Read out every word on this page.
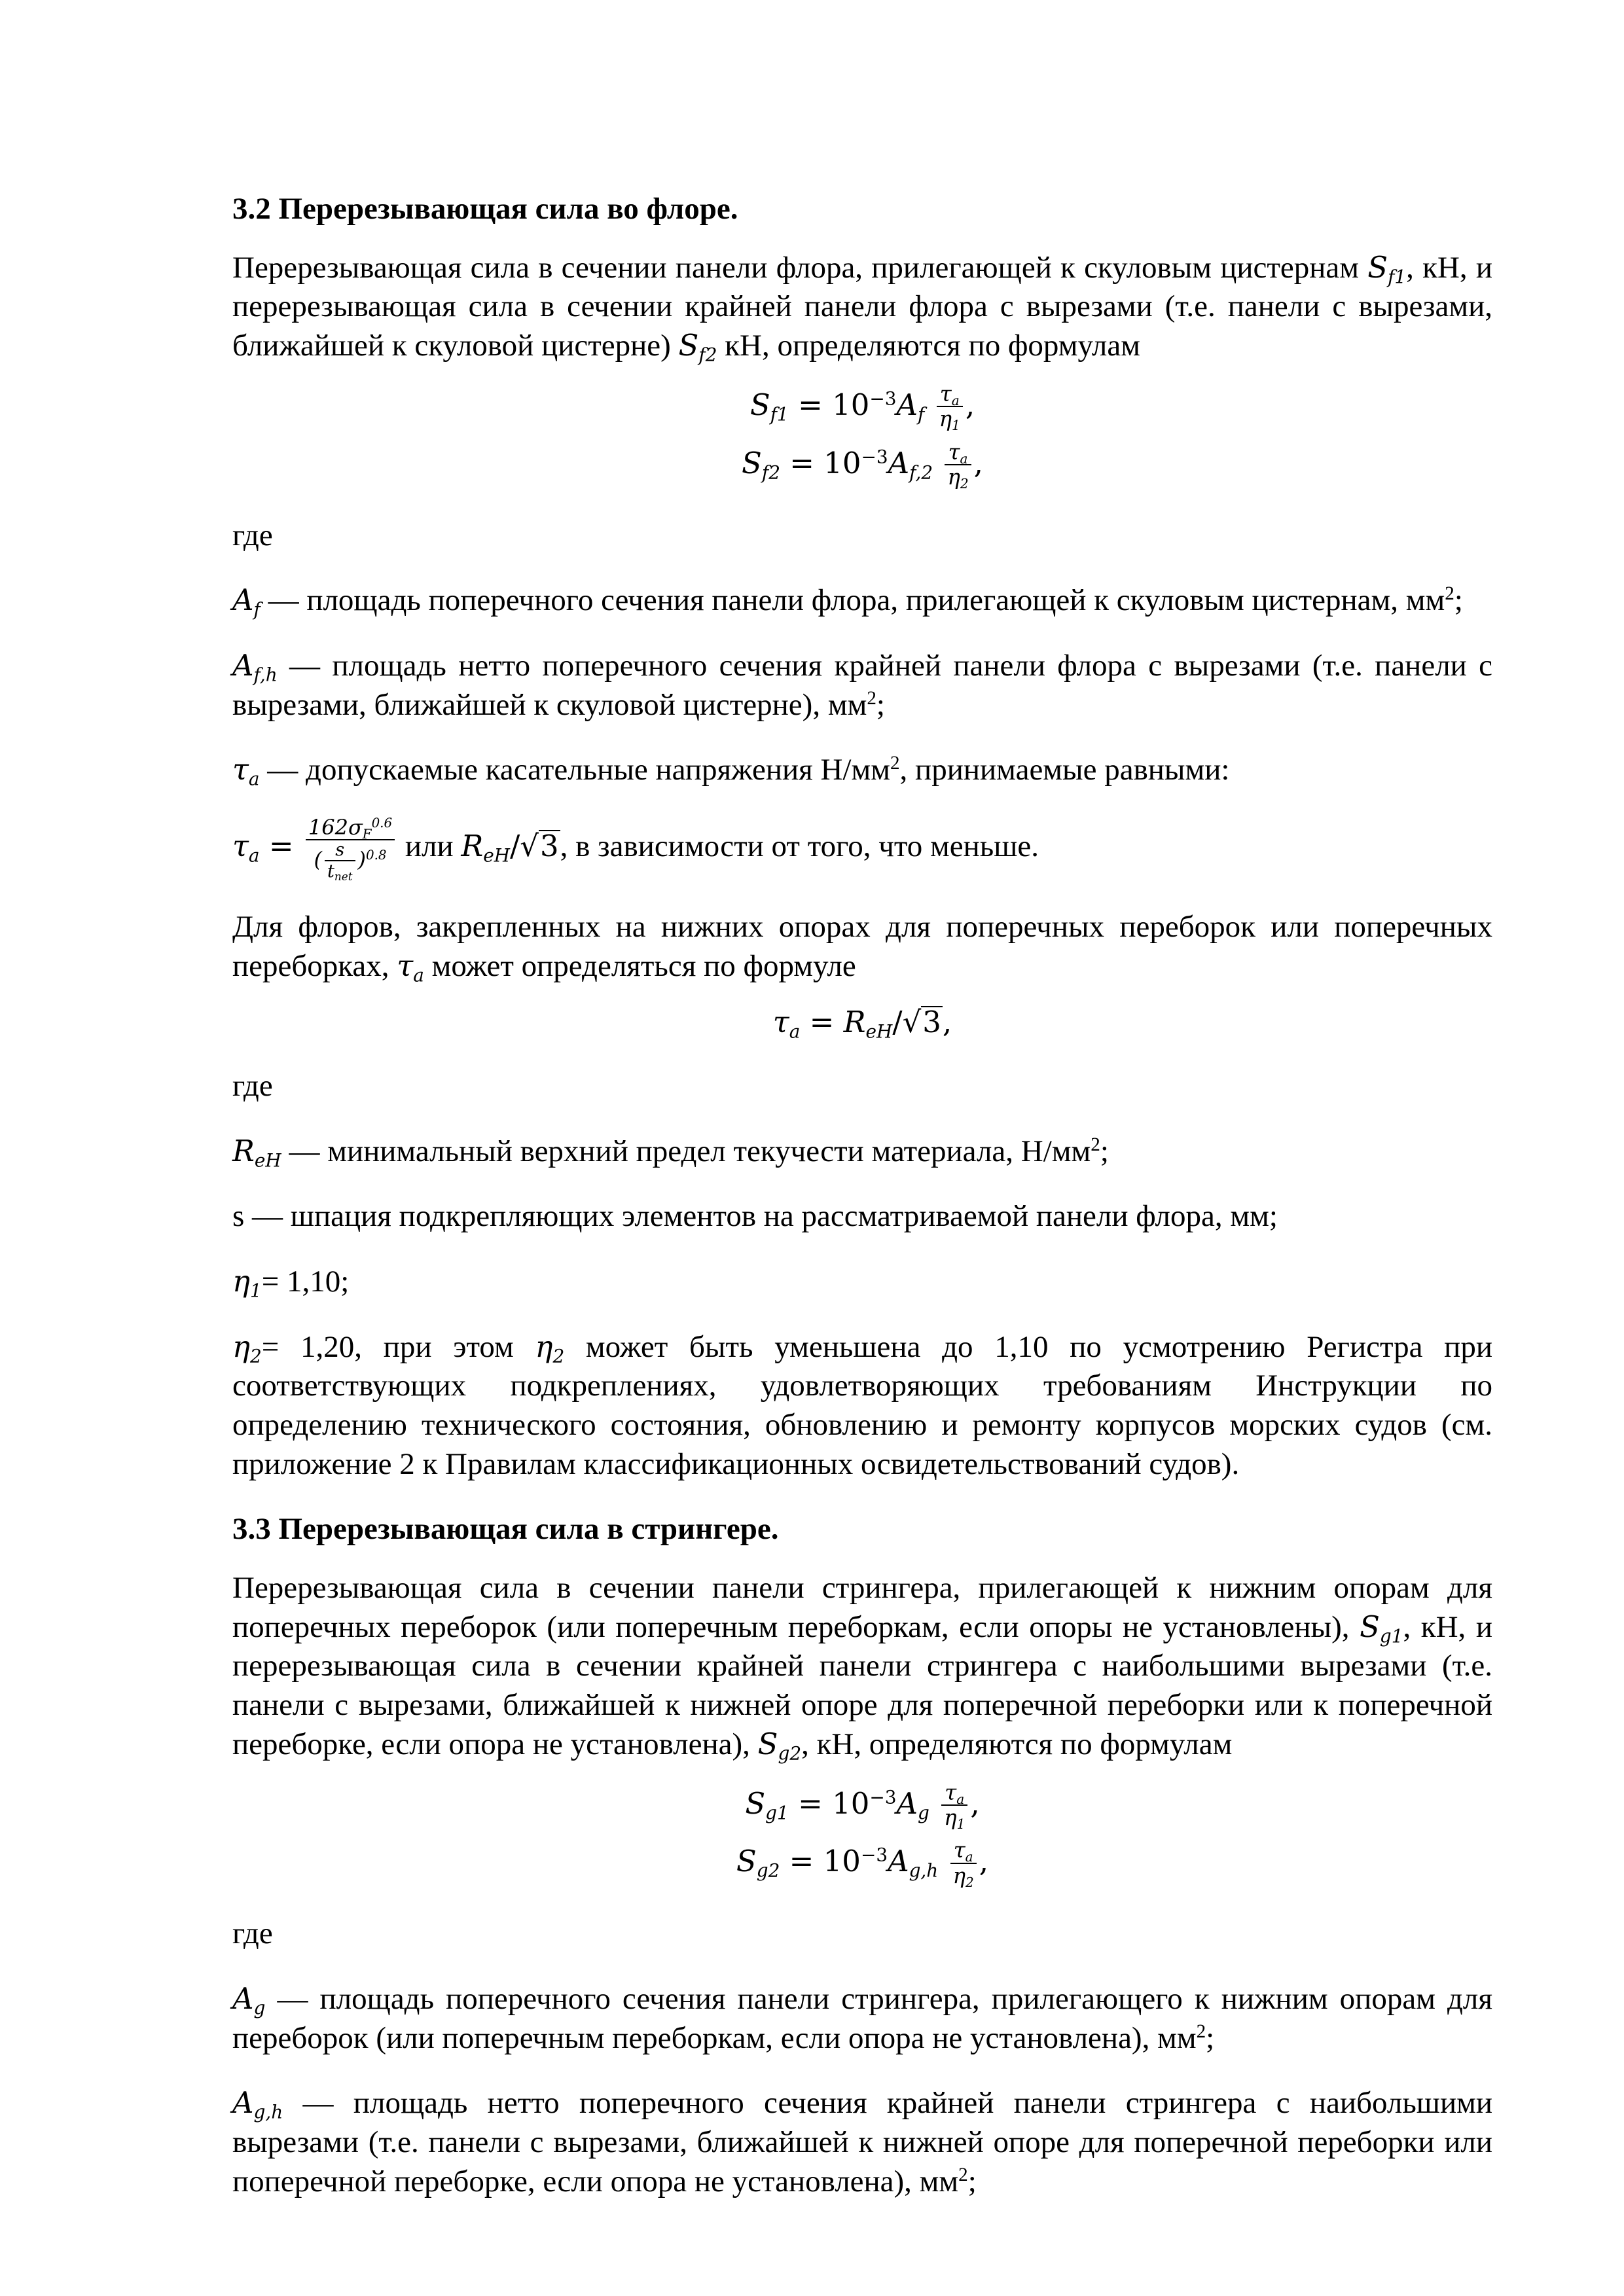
3.2 Перерезывающая сила во флоре.

Перерезывающая сила в сечении панели флора, прилегающей к скуловым цистернам $S_{f1}$, кН, и перерезывающая сила в сечении крайней панели флора с вырезами (т.е. панели с вырезами, ближайшей к скуловой цистерне) $S_{f2}$ кН, определяются по формулам

$S_{f1} = 10^{-3}A_f \frac{\tau_a}{\eta_1}$ ,
$S_{f2} = 10^{-3}A_{f,2} \frac{\tau_a}{\eta_2}$ ,

где

$A_f$ — площадь поперечного сечения панели флора, прилегающей к скуловым цистернам, $мм^2$;

$A_{f,h}$ — площадь нетто поперечного сечения крайней панели флора с вырезами (т.е. панели с вырезами, ближайшей к скуловой цистерне), $мм^2$;

$\tau_a$ — допускаемые касательные напряжения $Н/мм^2$, принимаемые равными:

$\tau_a = \frac{162\sigma_F^{0.6}}{( \frac{s}{t_{net}} )^{0.8}}$ или $R_{eH}/√3$, в зависимости от того, что меньше.

Для флоров, закрепленных на нижних опорах для поперечных переборок или поперечных переборках, $\tau_a$ может определяться по формуле

$\tau_a = R_{eH}/√3$,

где

$R_{eH}$ — минимальный верхний предел текучести материала, $Н/мм^2$;

s — шпация подкрепляющих элементов на рассматриваемой панели флора, мм;

$\eta_1= 1,10$;

$\eta_2= 1,20$, при этом $\eta_2$ может быть уменьшена до 1,10 по усмотрению Регистра при соответствующих подкреплениях, удовлетворяющих требованиям Инструкции по определению технического состояния, обновлению и ремонту корпусов морских судов (см. приложение 2 к Правилам классификационных освидетельствований судов).

3.3 Перерезывающая сила в стрингере.

Перерезывающая сила в сечении панели стрингера, прилегающей к нижним опорам для поперечных переборок (или поперечным переборкам, если опоры не установлены), $S_{g1}$, кН, и перерезывающая сила в сечении крайней панели стрингера с наибольшими вырезами (т.е. панели с вырезами, ближайшей к нижней опоре для поперечной переборки или к поперечной переборке, если опора не установлена), $S_{g2}$, кН, определяются по формулам

$S_{g1} = 10^{-3}A_g \frac{\tau_a}{\eta_1}$ ,
$S_{g2} = 10^{-3}A_{g,h} \frac{\tau_a}{\eta_2}$ ,

где

$A_g$ — площадь поперечного сечения панели стрингера, прилегающего к нижним опорам для переборок (или поперечным переборкам, если опора не установлена), $мм^2$;

$A_{g,h}$ — площадь нетто поперечного сечения крайней панели стрингера с наибольшими вырезами (т.е. панели с вырезами, ближайшей к нижней опоре для поперечной переборки или поперечной переборке, если опора не установлена), $мм^2$;
